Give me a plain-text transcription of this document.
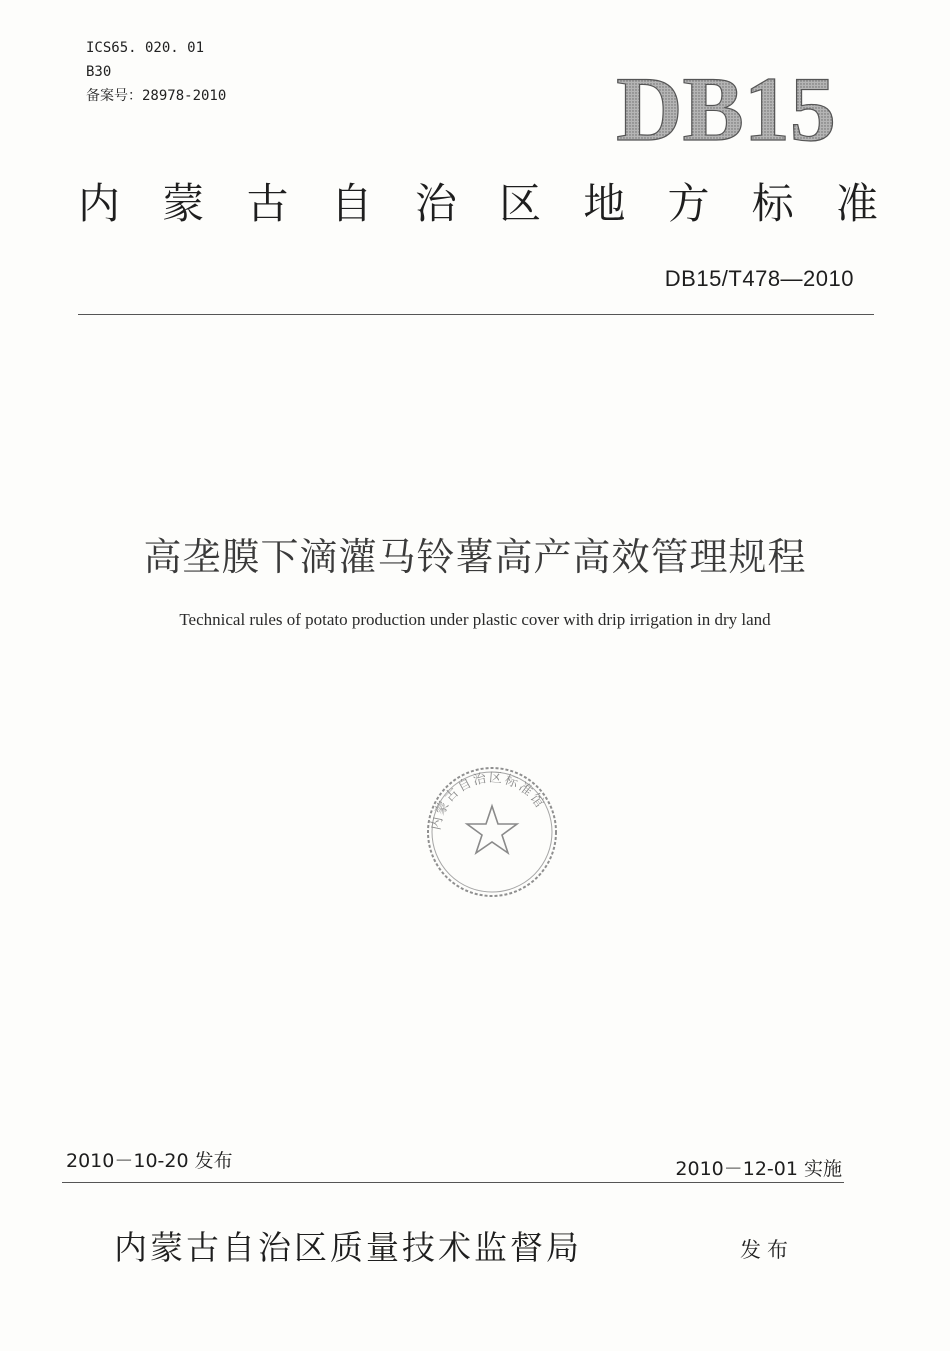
ICS65. 020. 01
B30
备案号：28978-2010	DB15
内 蒙 古 自 治 区 地 方 标 准
DB15/T478—2010
高垄膜下滴灌马铃薯高产高效管理规程
Technical rules of potato production under plastic cover with drip irrigation in dry land
内蒙古自治区标准馆
2010－10-20 发布	2010－12-01 实施
内蒙古自治区质量技术监督局	发布
